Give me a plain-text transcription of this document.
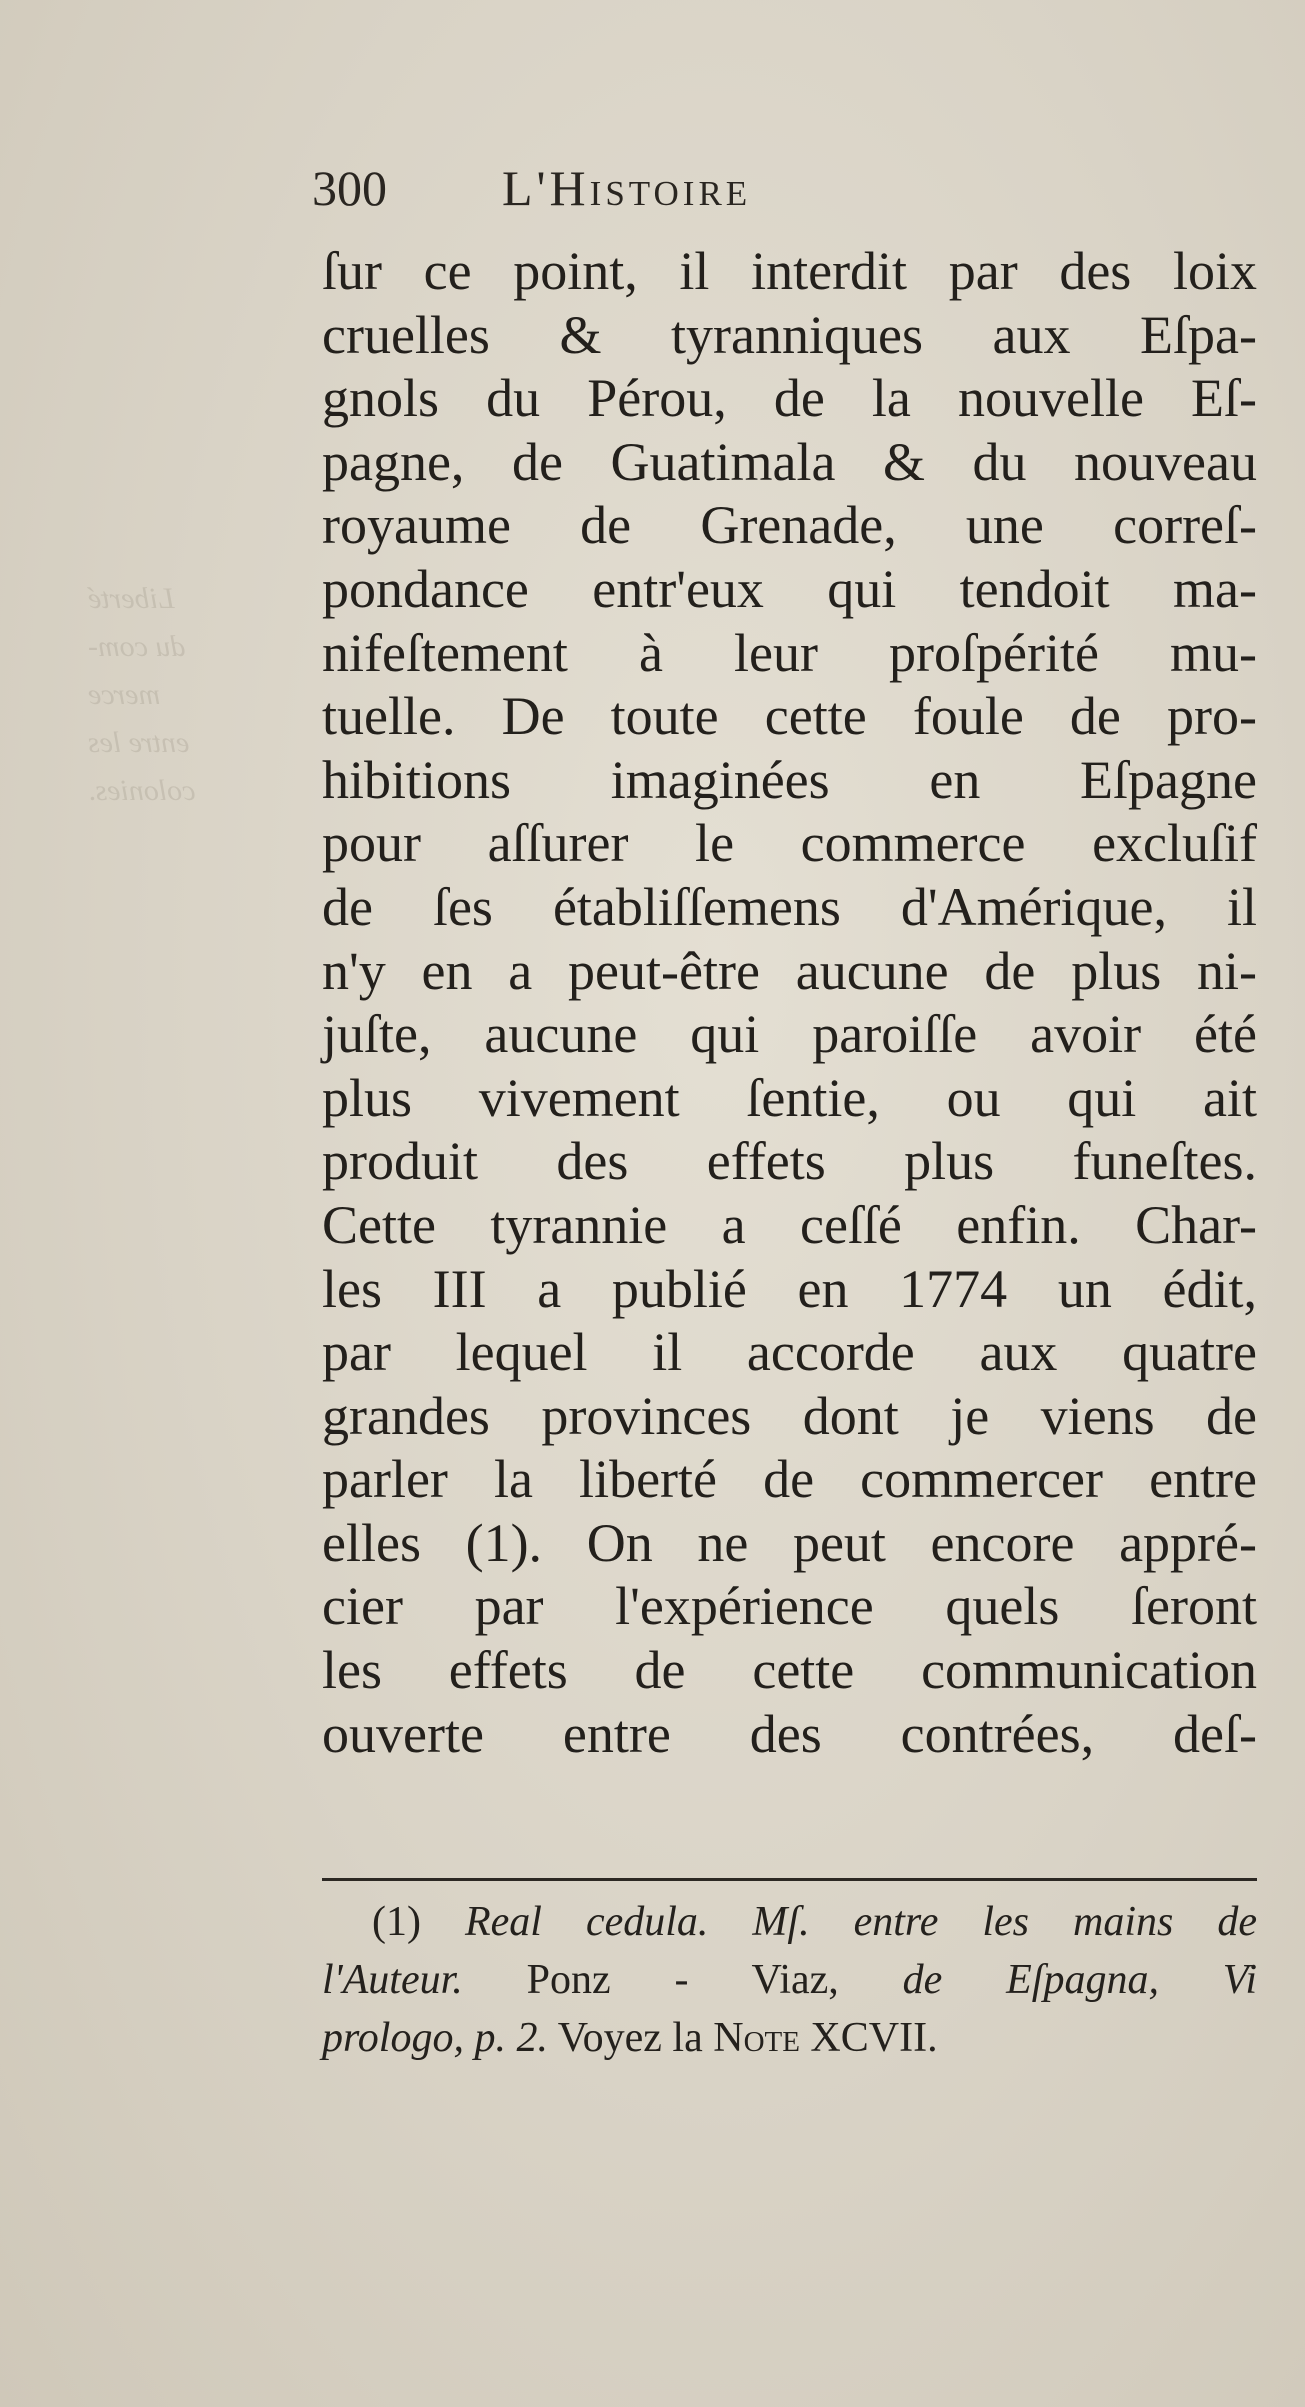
Liberté
du com-
merce
entre les
colonies.
300 L'Histoire
ſur ce point, il interdit par des loix
cruelles & tyranniques aux Eſpa-
gnols du Pérou, de la nouvelle Eſ-
pagne, de Guatimala & du nouveau
royaume de Grenade, une correſ-
pondance entr'eux qui tendoit ma-
nifeſtement à leur proſpérité mu-
tuelle. De toute cette foule de pro-
hibitions imaginées en Eſpagne
pour aſſurer le commerce excluſif
de ſes établiſſemens d'Amérique, il
n'y en a peut-être aucune de plus ni-
juſte, aucune qui paroiſſe avoir été
plus vivement ſentie, ou qui ait
produit des effets plus funeſtes.
Cette tyrannie a ceſſé enfin. Char-
les III a publié en 1774 un édit,
par lequel il accorde aux quatre
grandes provinces dont je viens de
parler la liberté de commercer entre
elles (1). On ne peut encore appré-
cier par l'expérience quels ſeront
les effets de cette communication
ouverte entre des contrées, deſ-
(1) Real cedula. Mſ. entre les mains de
l'Auteur. Ponz - Viaz, de Eſpagna, Vi
prologo, p. 2. Voyez la Note XCVII.
